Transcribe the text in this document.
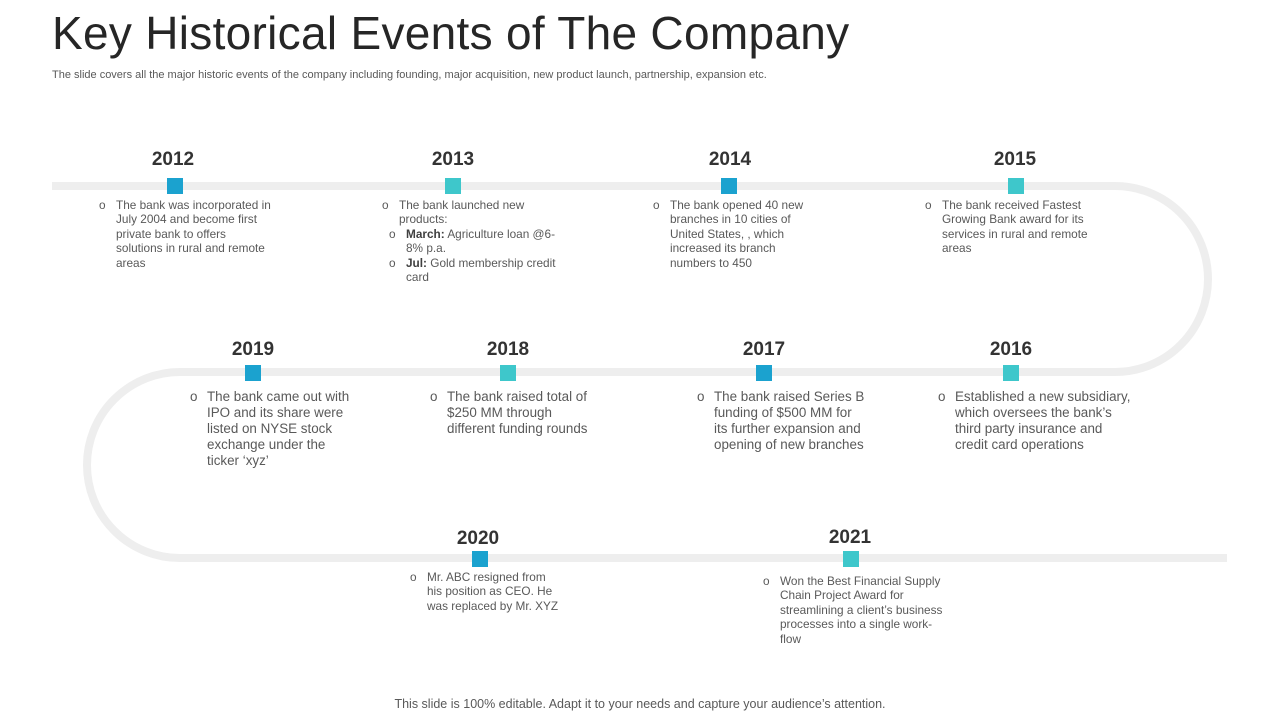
Key Historical Events of The Company
The slide covers all the major historic events of the company including founding, major acquisition, new product launch, partnership, expansion etc.
2012
o The bank was incorporated in July 2004 and become first private bank to offers solutions in rural and remote areas
2013
o The bank launched new products:
o March: Agriculture loan @6-8% p.a.
o Jul: Gold membership credit card
2014
o The bank opened 40 new branches in 10 cities of United States, , which increased its branch numbers to 450
2015
o The bank received Fastest Growing Bank award for its services in rural and remote areas
2019
o The bank came out with IPO and its share were listed on NYSE stock exchange under the ticker ‘xyz’
2018
o The bank raised total of $250 MM through different funding rounds
2017
o The bank raised Series B funding of $500 MM for its further expansion and opening of new branches
2016
o Established a new subsidiary, which oversees the bank’s third party insurance and credit card operations
2020
o Mr. ABC resigned from his position as CEO. He was replaced by Mr. XYZ
2021
o Won the Best Financial Supply Chain Project Award for streamlining a client’s business processes into a single work-flow
This slide is 100% editable. Adapt it to your needs and capture your audience’s attention.
